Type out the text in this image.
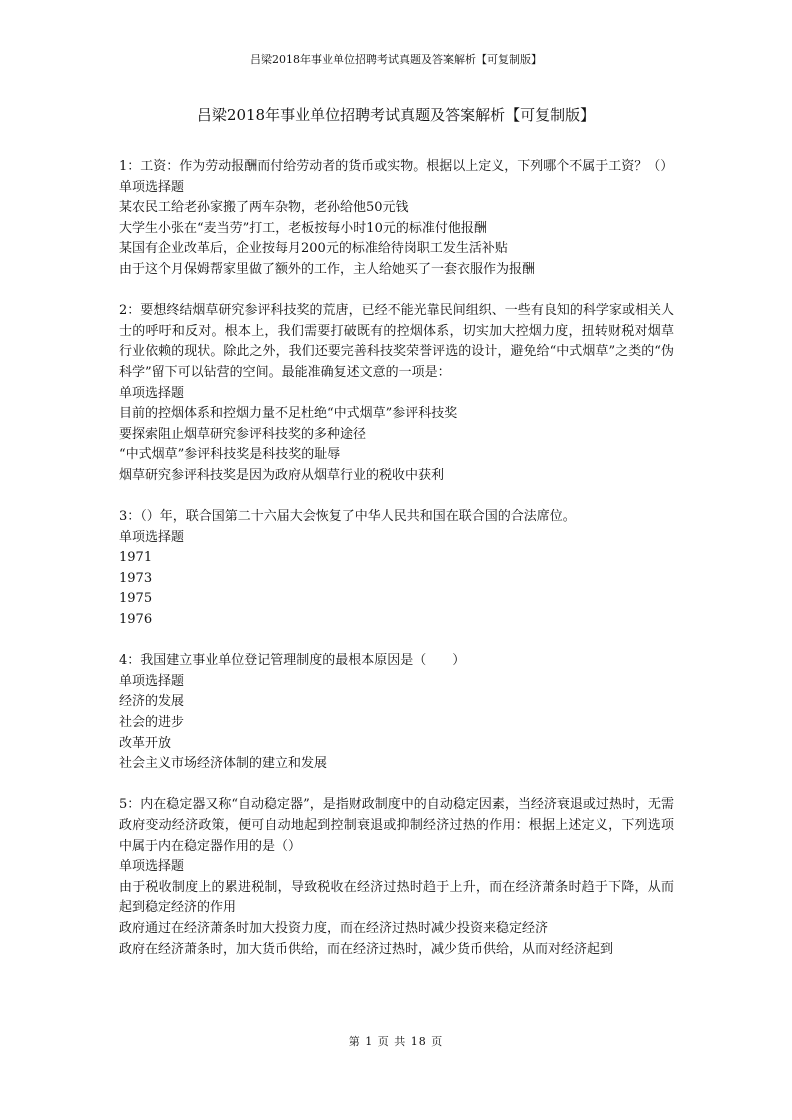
吕梁2018年事业单位招聘考试真题及答案解析【可复制版】
吕梁2018年事业单位招聘考试真题及答案解析【可复制版】
1：工资：作为劳动报酬而付给劳动者的货币或实物。根据以上定义，下列哪个不属于工资？（）
单项选择题
某农民工给老孙家搬了两车杂物，老孙给他50元钱
大学生小张在“麦当劳”打工，老板按每小时10元的标准付他报酬
某国有企业改革后，企业按每月200元的标准给待岗职工发生活补贴
由于这个月保姆帮家里做了额外的工作，主人给她买了一套衣服作为报酬
2：要想终结烟草研究参评科技奖的荒唐，已经不能光靠民间组织、一些有良知的科学家或相关人士的呼吁和反对。根本上，我们需要打破既有的控烟体系，切实加大控烟力度，扭转财税对烟草行业依赖的现状。除此之外，我们还要完善科技奖荣誉评选的设计，避免给“中式烟草”之类的“伪科学”留下可以钻营的空间。最能准确复述文意的一项是：
单项选择题
目前的控烟体系和控烟力量不足杜绝“中式烟草”参评科技奖
要探索阻止烟草研究参评科技奖的多种途径
“中式烟草”参评科技奖是科技奖的耻辱
烟草研究参评科技奖是因为政府从烟草行业的税收中获利
3：（）年，联合国第二十六届大会恢复了中华人民共和国在联合国的合法席位。
单项选择题
1971
1973
1975
1976
4：我国建立事业单位登记管理制度的最根本原因是（　　）
单项选择题
经济的发展
社会的进步
改革开放
社会主义市场经济体制的建立和发展
5：内在稳定器又称“自动稳定器”，是指财政制度中的自动稳定因素，当经济衰退或过热时，无需政府变动经济政策，便可自动地起到控制衰退或抑制经济过热的作用：根据上述定义，下列选项中属于内在稳定器作用的是（）
单项选择题
由于税收制度上的累进税制，导致税收在经济过热时趋于上升，而在经济萧条时趋于下降，从而起到稳定经济的作用
政府通过在经济萧条时加大投资力度，而在经济过热时减少投资来稳定经济
政府在经济萧条时，加大货币供给，而在经济过热时，减少货币供给，从而对经济起到
第 1 页 共 18 页
